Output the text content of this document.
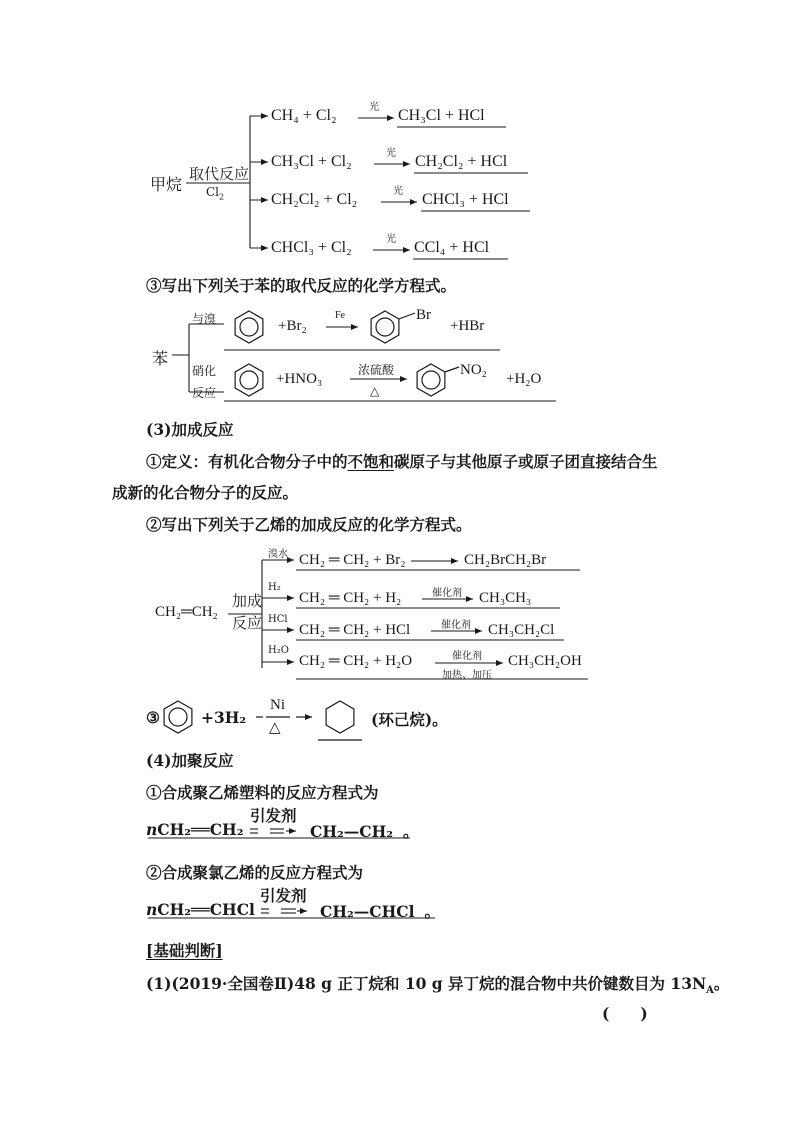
甲烷
取代反应
$Cl_2$
CH₄ + Cl₂	光 CH₃Cl + HCl
CH₃Cl + Cl₂	光 CH₂Cl₂ + HCl
CH₂Cl₂ + Cl₂	光 CHCl₃ + HCl
CHCl₃ + Cl₂	光 CCl₄ + HCl
③写出下列关于苯的取代反应的化学方程式。
苯
与溴
硝化
反应
+Br₂
Fe	Br
+HBr
+HNO₃
浓硫酸
△
NO₂
+H₂O
(3)加成反应
①定义：有机化合物分子中的不饱和碳原子与其他原子或原子团直接结合生
成新的化合物分子的反应。
②写出下列关于乙烯的加成反应的化学方程式。
CH₂═CH₂
加成
反应
溴水 CH₂ ═ CH₂ + Br₂	CH₂BrCH₂Br
H₂
CH₂ ═ CH₂ + H₂	催化剂 CH₃CH₃
HCl
CH₂ ═ CH₂ + HCl	催化剂 CH₃CH₂Cl
H₂O
CH₂ ═ CH₂ + H₂O	催化剂
加热、加压
CH₃CH₂OH
③	+3H₂
Ni
△	(环己烷)。
(4)加聚反应
①合成聚乙烯塑料的反应方程式为
nCH₂══CH₂
引发剂
CH₂—CH₂ 。
②合成聚氯乙烯的反应方程式为
nCH₂══CHCl
引发剂
CH₂—CHCl 。
[基础判断]
(1)(2019·全国卷Ⅱ)48 g 正丁烷和 10 g 异丁烷的混合物中共价键数目为 $13N_A$。
(　　)
